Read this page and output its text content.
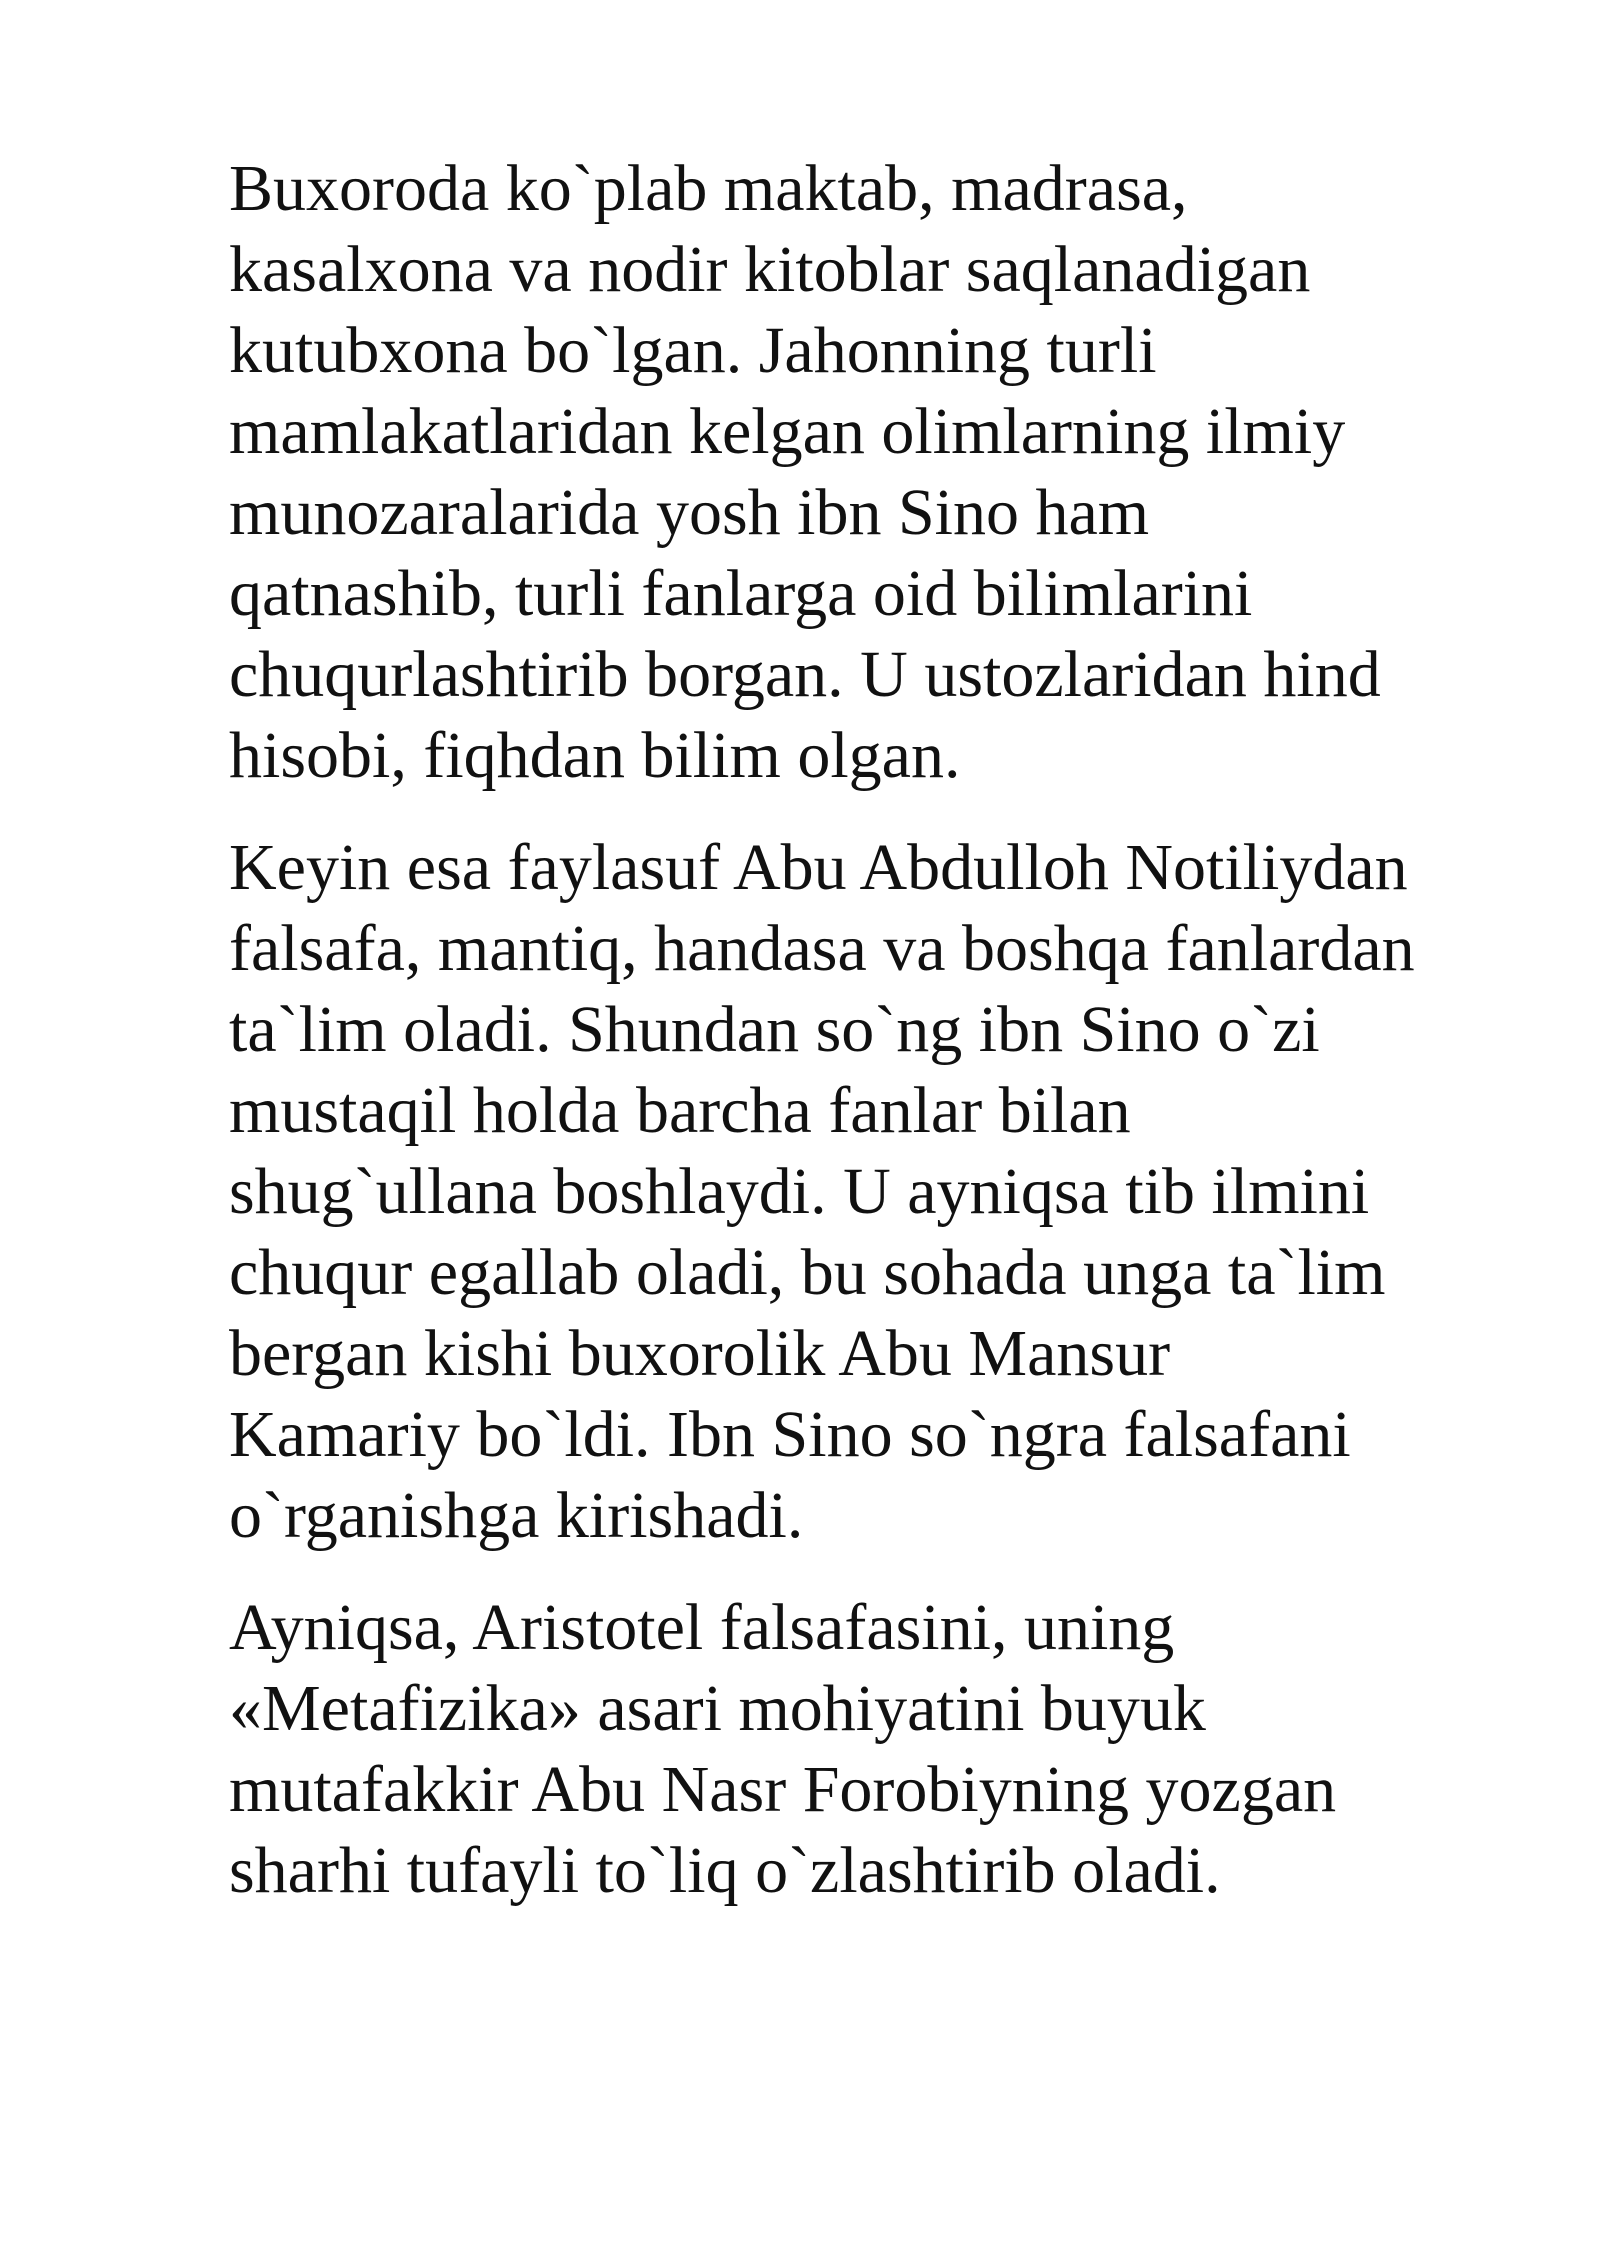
Buxoroda ko`plab maktab, madrasa,
kasalxona va nodir kitoblar saqlanadigan
kutubxona bo`lgan. Jahonning turli
mamlakatlaridan kelgan olimlarning ilmiy
munozaralarida yosh ibn Sino ham
qatnashib, turli fanlarga oid bilimlarini
chuqurlashtirib borgan. U ustozlaridan hind
hisobi, fiqhdan bilim olgan.

Keyin esa faylasuf Abu Abdulloh Notiliydan
falsafa, mantiq, handasa va boshqa fanlardan
ta`lim oladi. Shundan so`ng ibn Sino o`zi
mustaqil holda barcha fanlar bilan
shug`ullana boshlaydi. U ayniqsa tib ilmini
chuqur egallab oladi, bu sohada unga ta`lim
bergan kishi buxorolik Abu Mansur
Kamariy bo`ldi. Ibn Sino so`ngra falsafani
o`rganishga kirishadi.

Ayniqsa, Aristotel falsafasini, uning
«Metafizika» asari mohiyatini buyuk
mutafakkir Abu Nasr Forobiyning yozgan
sharhi tufayli to`liq o`zlashtirib oladi.
